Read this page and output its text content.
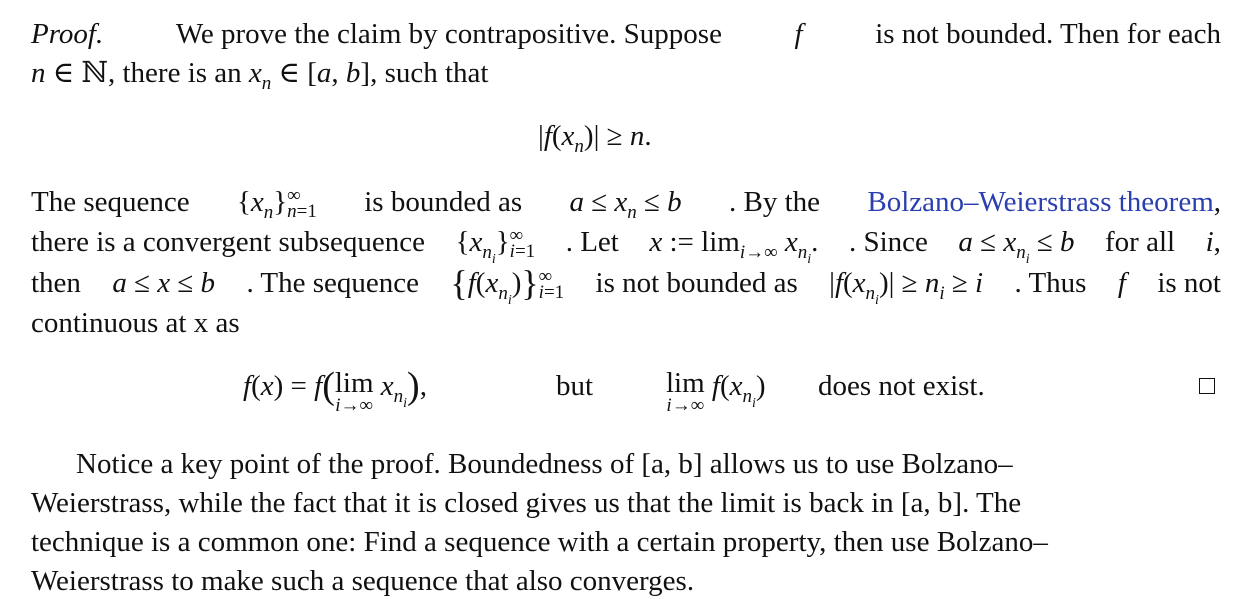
Proof.	We prove the claim by contrapositive. Suppose	f	is not bounded. Then for each
n ∈ ℕ, there is an $x_n$ ∈ [a, b], such that
$|f(x_n)| \ge n$.
The sequence $\{x_n\}\infty$
n=1 is bounded as $a \le x_n \le b$ . By the Bolzano–Weierstrass theorem,
there is a convergent subsequence $\{x_{n_i}\}\infty$
i=1 . Let x := $\lim_{i\to\infty} x_{n_i}$. . Since $a \le x_{n_i} \le b$ for all i,
then a ≤ x ≤ b . The sequence $\{f(x_{n_i})\}\infty$
i=1 is not bounded as $|f(x_{n_i})| \ge n_i \ge i$ . Thus f is not
continuous at x as
f(x) = f(lim
i→∞
$x_{n_i}$),	but	lim
i→∞
$f(x_{n_i})$ does not exist.
Notice a key point of the proof. Boundedness of [a, b] allows us to use Bolzano–
Weierstrass, while the fact that it is closed gives us that the limit is back in [a, b]. The
technique is a common one: Find a sequence with a certain property, then use Bolzano–
Weierstrass to make such a sequence that also converges.
